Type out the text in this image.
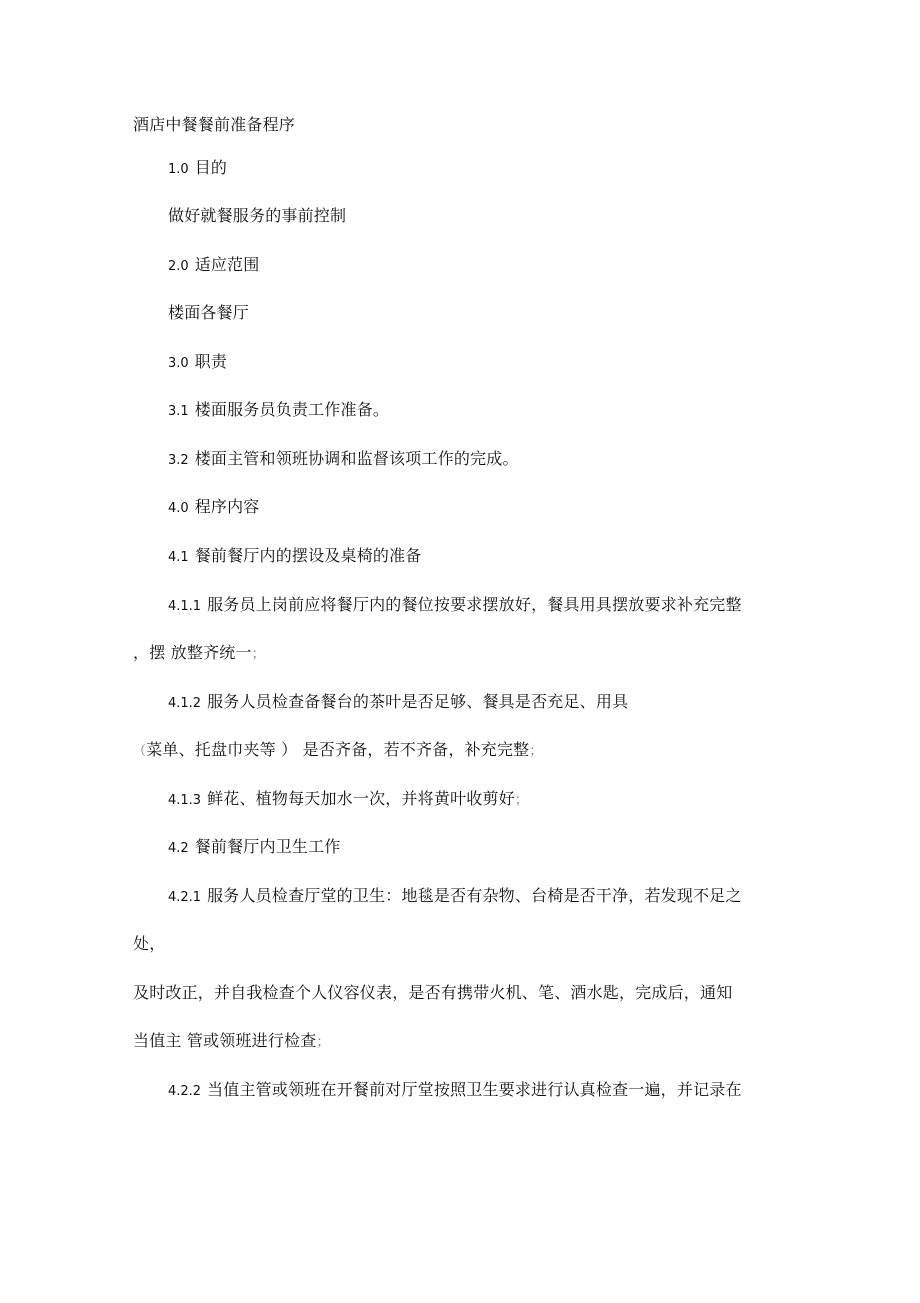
酒店中餐餐前准备程序
1.0 目的
做好就餐服务的事前控制
2.0 适应范围
楼面各餐厅
3.0 职责
3.1 楼面服务员负责工作准备。
3.2 楼面主管和领班协调和监督该项工作的完成。
4.0 程序内容
4.1 餐前餐厅内的摆设及桌椅的准备
4.1.1 服务员上岗前应将餐厅内的餐位按要求摆放好，餐具用具摆放要求补充完整
，摆 放整齐统一；
4.1.2 服务人员检查备餐台的茶叶是否足够、餐具是否充足、用具
（菜单、托盘巾夹等 ） 是否齐备，若不齐备，补充完整；
4.1.3 鲜花、植物每天加水一次，并将黄叶收剪好；
4.2 餐前餐厅内卫生工作
4.2.1 服务人员检查厅堂的卫生：地毯是否有杂物、台椅是否干净，若发现不足之
处，
及时改正，并自我检查个人仪容仪表，是否有携带火机、笔、酒水匙，完成后，通知
当值主 管或领班进行检查；
4.2.2 当值主管或领班在开餐前对厅堂按照卫生要求进行认真检查一遍，并记录在
